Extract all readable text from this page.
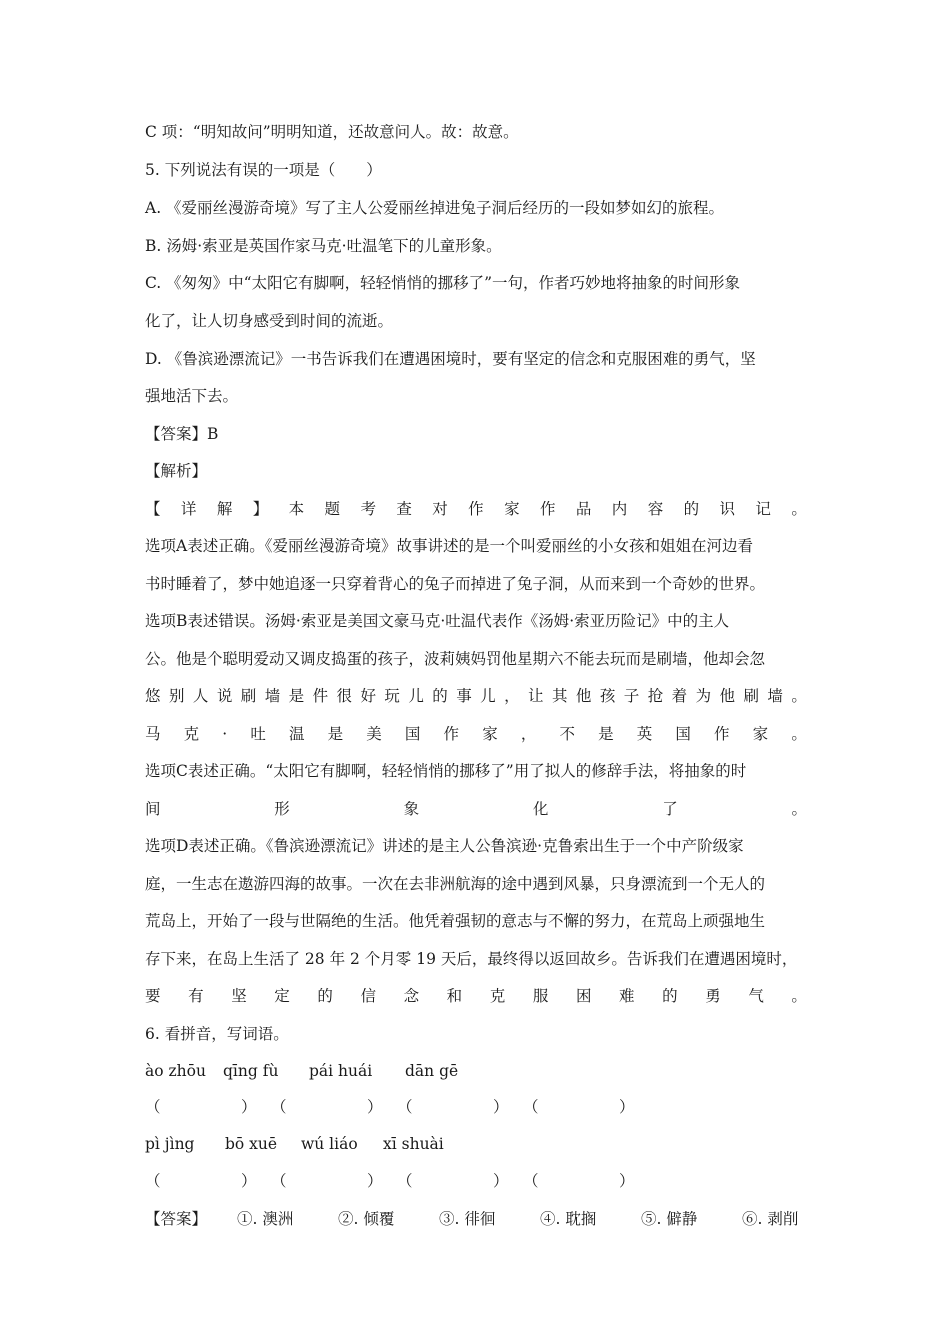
C 项：“明知故问”明明知道，还故意问人。故：故意。
5. 下列说法有误的一项是（　　）
A. 《爱丽丝漫游奇境》写了主人公爱丽丝掉进兔子洞后经历的一段如梦如幻的旅程。
B. 汤姆·索亚是英国作家马克·吐温笔下的儿童形象。
C. 《匆匆》中“太阳它有脚啊，轻轻悄悄的挪移了”一句，作者巧妙地将抽象的时间形象
化了，让人切身感受到时间的流逝。
D. 《鲁滨逊漂流记》一书告诉我们在遭遇困境时，要有坚定的信念和克服困难的勇气，坚
强地活下去。
【答案】B
【解析】
【 详 解 】 本 题 考 查 对 作 家 作 品 内 容 的 识 记 。
选项A表述正确。《爱丽丝漫游奇境》故事讲述的是一个叫爱丽丝的小女孩和姐姐在河边看
书时睡着了，梦中她追逐一只穿着背心的兔子而掉进了兔子洞，从而来到一个奇妙的世界。
选项B表述错误。汤姆·索亚是美国文豪马克·吐温代表作《汤姆·索亚历险记》中的主人
公。他是个聪明爱动又调皮捣蛋的孩子，波莉姨妈罚他星期六不能去玩而是刷墙，他却会忽
悠 别 人 说 刷 墙 是 件 很 好 玩 儿 的 事 儿 ， 让 其 他 孩 子 抢 着 为 他 刷 墙 。
马 克 · 吐 温 是 美 国 作 家 ， 不 是 英 国 作 家 。
选项C表述正确。“太阳它有脚啊，轻轻悄悄的挪移了”用了拟人的修辞手法，将抽象的时
间	形	象	化	了	。
选项D表述正确。《鲁滨逊漂流记》讲述的是主人公鲁滨逊·克鲁索出生于一个中产阶级家
庭，一生志在遨游四海的故事。一次在去非洲航海的途中遇到风暴，只身漂流到一个无人的
荒岛上，开始了一段与世隔绝的生活。他凭着强韧的意志与不懈的努力，在荒岛上顽强地生
存下来，在岛上生活了 28 年 2 个月零 19 天后，最终得以返回故乡。告诉我们在遭遇困境时，
要 有 坚 定 的 信 念 和 克 服 困 难 的 勇 气 。
6. 看拼音，写词语。
ào zhōu	qīng fù	pái huái	dān gē
（	） （	） （	） （	）
pì jìng	bō xuē	wú liáo	xī shuài
（	） （	） （	） （	）
【答案】	①. 澳洲	②. 倾覆	③. 徘徊	④. 耽搁	⑤. 僻静	⑥. 剥削
